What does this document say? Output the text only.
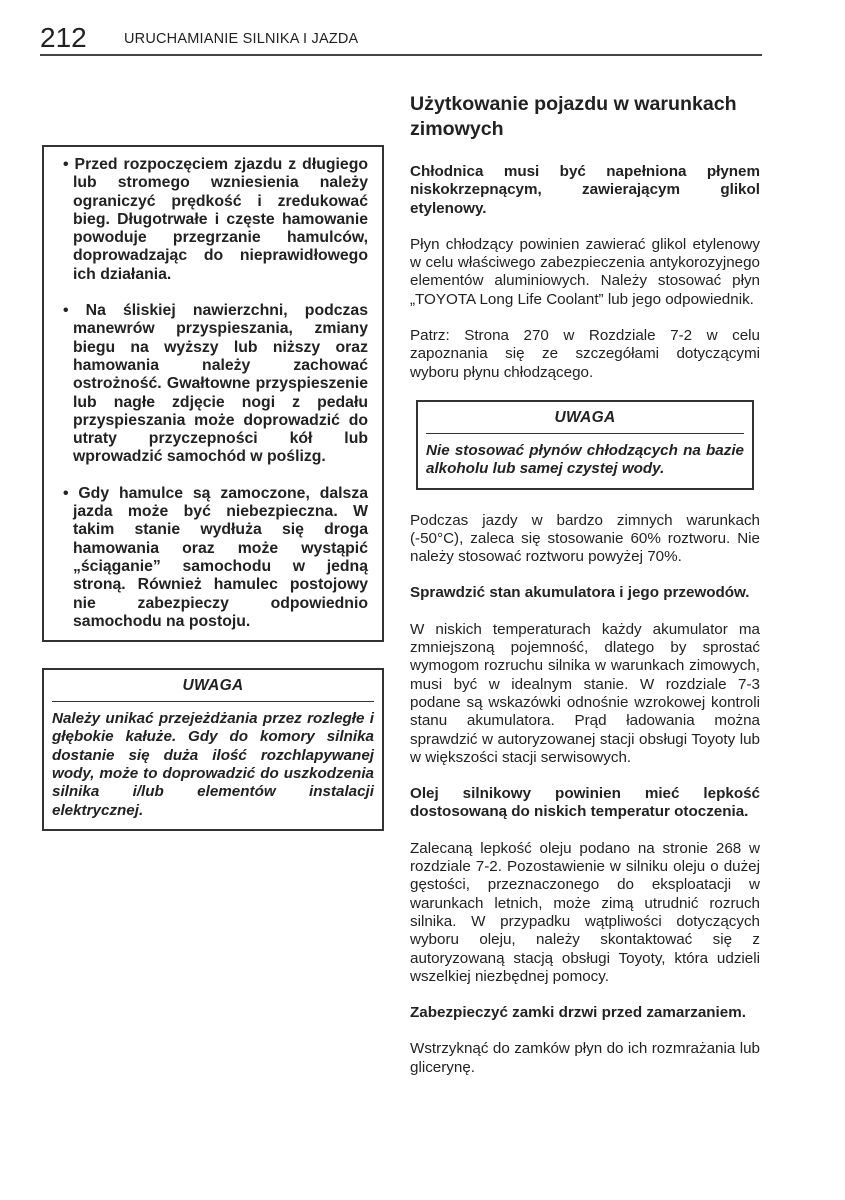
212	URUCHAMIANIE SILNIKA I JAZDA

• Przed rozpoczęciem zjazdu z długiego lub stromego wzniesienia należy ograniczyć prędkość i zredukować bieg. Długotrwałe i częste hamowanie powoduje przegrzanie hamulców, doprowadzając do nieprawidłowego ich działania.

• Na śliskiej nawierzchni, podczas manewrów przyspieszania, zmiany biegu na wyższy lub niższy oraz hamowania należy zachować ostrożność. Gwałtowne przyspieszenie lub nagłe zdjęcie nogi z pedału przyspieszania może doprowadzić do utraty przyczepności kół lub wprowadzić samochód w poślizg.

• Gdy hamulce są zamoczone, dalsza jazda może być niebezpieczna. W takim stanie wydłuża się droga hamowania oraz może wystąpić „ściąganie” samochodu w jedną stroną. Również hamulec postojowy nie zabezpieczy odpowiednio samochodu na postoju.

UWAGA

Należy unikać przejeżdżania przez rozległe i głębokie kałuże. Gdy do komory silnika dostanie się duża ilość rozchlapywanej wody, może to doprowadzić do uszkodzenia silnika i/lub elementów instalacji elektrycznej.

Użytkowanie pojazdu w warunkach zimowych

Chłodnica musi być napełniona płynem niskokrzepnącym, zawierającym glikol etylenowy.

Płyn chłodzący powinien zawierać glikol etylenowy w celu właściwego zabezpieczenia antykorozyjnego elementów aluminiowych. Należy stosować płyn „TOYOTA Long Life Coolant” lub jego odpowiednik.

Patrz: Strona 270 w Rozdziale 7-2 w celu zapoznania się ze szczegółami dotyczącymi wyboru płynu chłodzącego.

UWAGA

Nie stosować płynów chłodzących na bazie alkoholu lub samej czystej wody.

Podczas jazdy w bardzo zimnych warunkach (-50°C), zaleca się stosowanie 60% roztworu. Nie należy stosować roztworu powyżej 70%.

Sprawdzić stan akumulatora i jego przewodów.

W niskich temperaturach każdy akumulator ma zmniejszoną pojemność, dlatego by sprostać wymogom rozruchu silnika w warunkach zimowych, musi być w idealnym stanie. W rozdziale 7-3 podane są wskazówki odnośnie wzrokowej kontroli stanu akumulatora. Prąd ładowania można sprawdzić w autoryzowanej stacji obsługi Toyoty lub w większości stacji serwisowych.

Olej silnikowy powinien mieć lepkość dostosowaną do niskich temperatur otoczenia.

Zalecaną lepkość oleju podano na stronie 268 w rozdziale 7-2. Pozostawienie w silniku oleju o dużej gęstości, przeznaczonego do eksploatacji w warunkach letnich, może zimą utrudnić rozruch silnika. W przypadku wątpliwości dotyczących wyboru oleju, należy skontaktować się z autoryzowaną stacją obsługi Toyoty, która udzieli wszelkiej niezbędnej pomocy.

Zabezpieczyć zamki drzwi przed zamarzaniem.

Wstrzyknąć do zamków płyn do ich rozmrażania lub glicerynę.
